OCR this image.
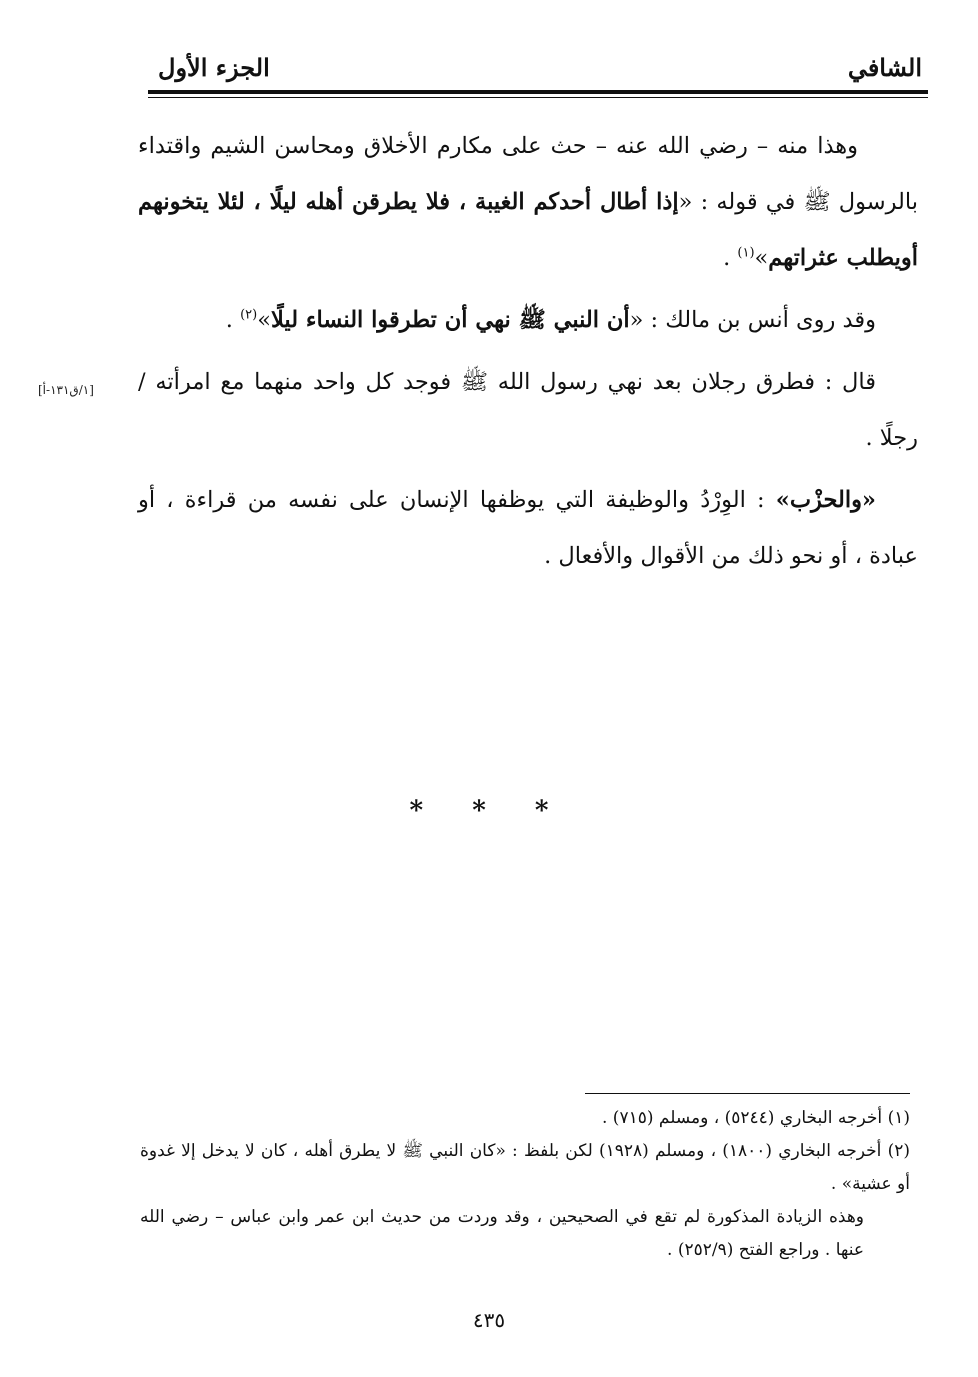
الشافي
الجزء الأول

وهذا منه – رضي الله عنه – حث على مكارم الأخلاق ومحاسن الشيم واقتداء بالرسول ﷺ في قوله : «إذا أطال أحدكم الغيبة ، فلا يطرقن أهله ليلًا ، لئلا يتخونهم أويطلب عثراتهم»$^{(١)}$ .

وقد روى أنس بن مالك : «أن النبي ﷺ نهي أن تطرقوا النساء ليلًا»$^{(٢)}$ .

قال : فطرق رجلان بعد نهي رسول الله ﷺ فوجد كل واحد منهما مع امرأته / رجلًا .

«والحزْب» : الوِرْدُ والوظيفة التي يوظفها الإنسان على نفسه من قراءة ، أو عبادة ، أو نحو ذلك من الأقوال والأفعال .

[١/ق١٣١-أ]
* * *

(١) أخرجه البخاري (٥٢٤٤) ، ومسلم (٧١٥) .

(٢) أخرجه البخاري (١٨٠٠) ، ومسلم (١٩٢٨) لكن بلفظ : «كان النبي ﷺ لا يطرق أهله ، كان لا يدخل إلا غدوة أو عشية» .

وهذه الزيادة المذكورة لم تقع في الصحيحين ، وقد وردت من حديث ابن عمر وابن عباس – رضي الله عنها . وراجع الفتح (٢٥٢/٩) .

٤٣٥
